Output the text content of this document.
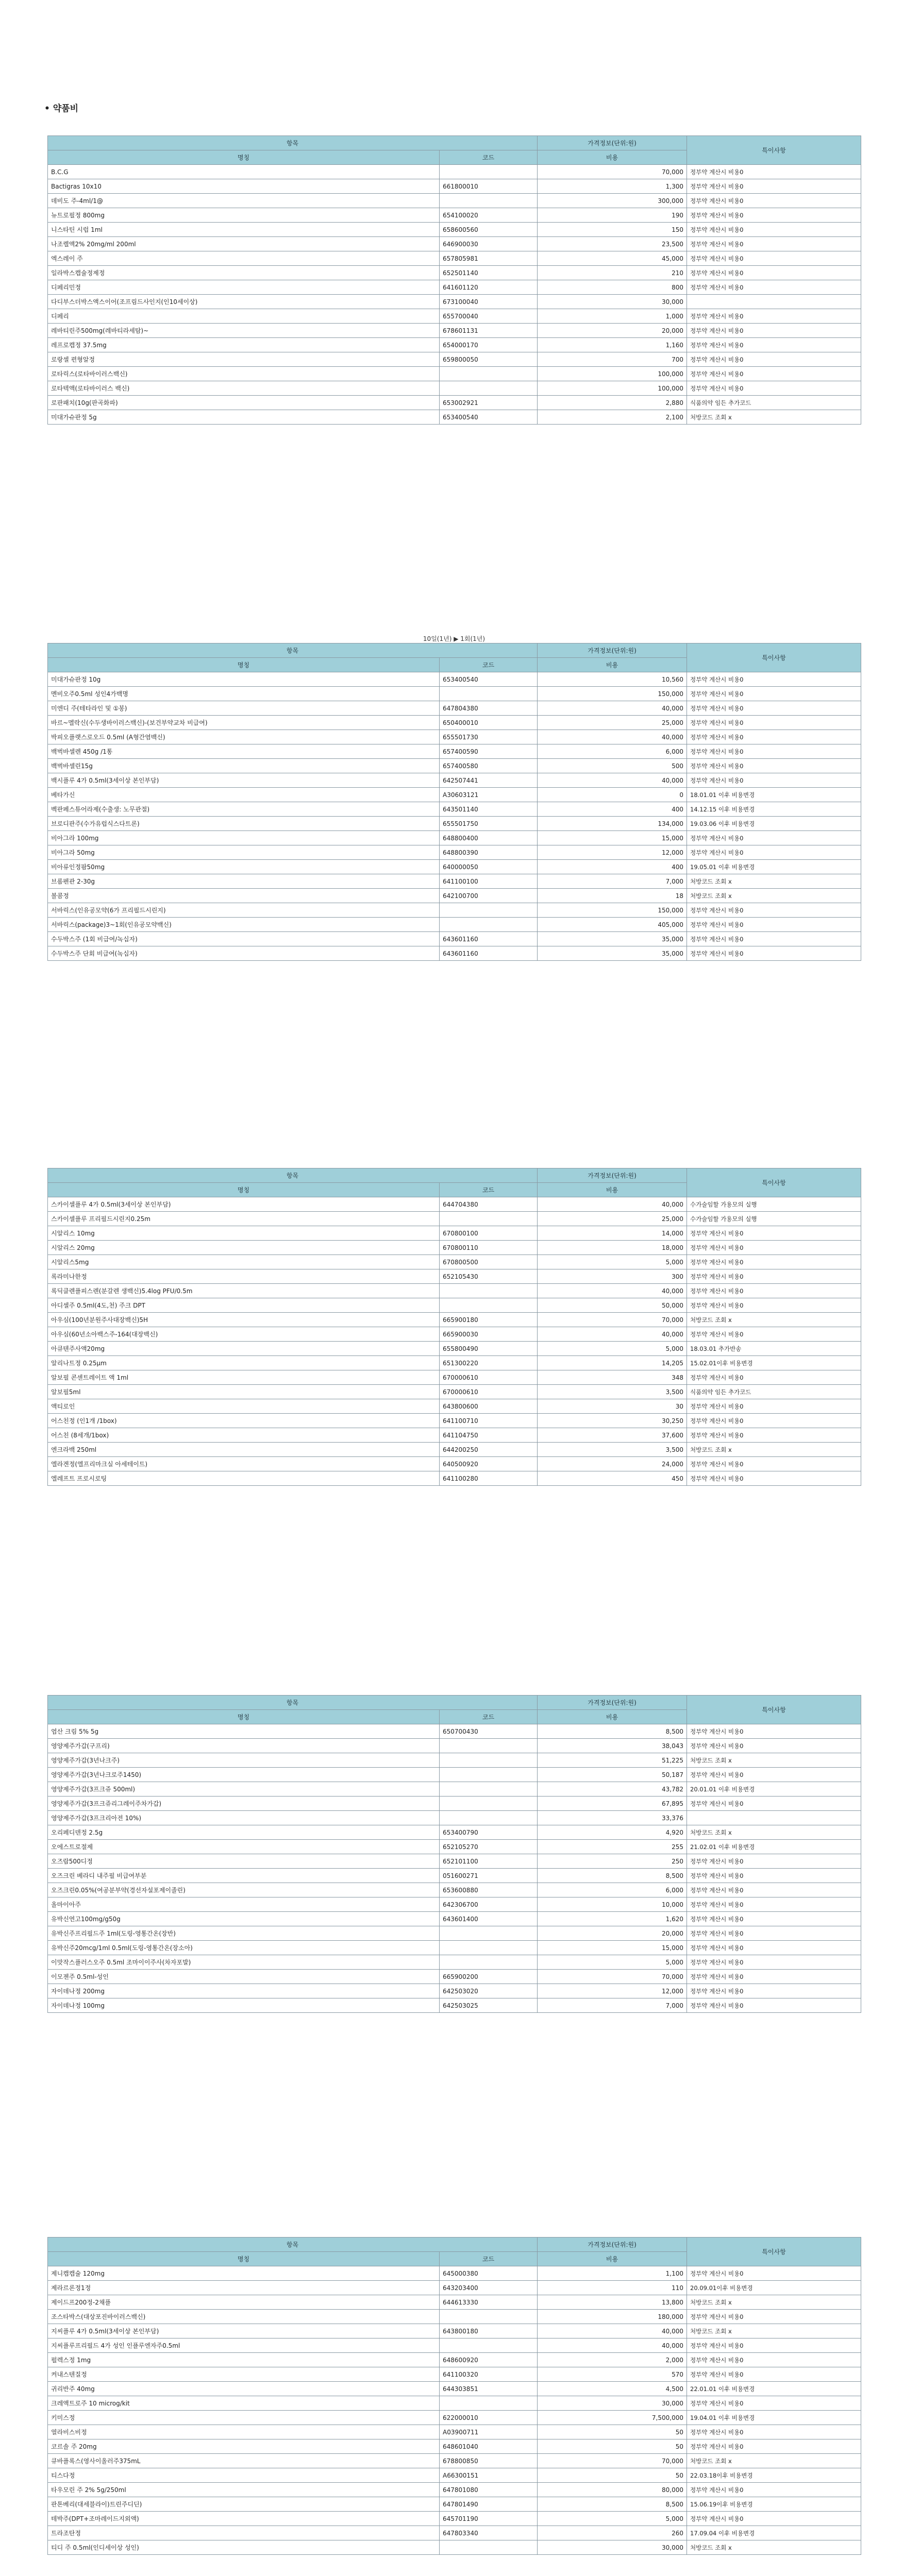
• 약품비
항목		가격정보(단위:원)	특이사항
명칭	코드	비용	
B.C.G		70,000	정부약 계산시 비용0
Bactigras 10x10	661800010	1,300	정부약 계산시 비용0
데비도 주-4ml/1@		300,000	정부약 계산시 비용0
뉴트로필정 800mg	654100020	190	정부약 계산시 비용0
니스타틴 시럽 1ml	658600560	150	정부약 계산시 비용0
나조렐액2% 20mg/ml 200ml	646900030	23,500	정부약 계산시 비용0
엑스레이 주	657805981	45,000	정부약 계산시 비용0
일라박스캡슐정제정	652501140	210	정부약 계산시 비용0
디페리민정	641601120	800	정부약 계산시 비용0
다디부스더박스액스이어(조프림드사인지(인10세이상)	673100040	30,000	
디페리	655700040	1,000	정부약 계산시 비용0
레바티린주500mg(레바티라세탐)~	678601131	20,000	정부약 계산시 비용0
레프로캡정 37.5mg	654000170	1,160	정부약 계산시 비용0
로랑셀 편형알정	659800050	700	정부약 계산시 비용0
로타릭스(로타바이러스백신)		100,000	정부약 계산시 비용0
로타텍액(로타바이러스 백신)		100,000	정부약 계산시 비용0
로판패치(10g(판곡화파)	653002921	2,880	식품의약 임든 추가코드
미대가슈판정 5g	653400540	2,100	처방코드 조회 x
항목		가격정보(단위:원)	특이사항
명칭	코드	비용	
미대가슈판정 10g	653400540	10,560	정부약 계산시 비용0
멘비오주0.5ml 성인4가백명		150,000	정부약 계산시 비용0
미엔디 주(테타라인 및 ①봉)	647804380	40,000	정부약 계산시 비용0
바르~멜락신(수두생바이러스백신)-(보건부약교차 비급여)	650400010	25,000	정부약 계산시 비용0
박피오플랫스로오드 0.5ml (A형간염백신)	655501730	40,000	정부약 계산시 비용0
백벅바셀렌 450g /1통	657400590	6,000	정부약 계산시 비용0
백벅바셀린15g	657400580	500	정부약 계산시 비용0
백시플루 4가 0.5ml(3세이상 본인부담)	642507441	40,000	정부약 계산시 비용0
베타가신	A30603121	0	18.01.01 이후 비용변경
벡판페스튜어라제(수출생: 노무관절)	643501140	400	14.12.15 이후 비용변경
브로디판주(수가유럽식스다트론)	655501750	134,000	19.03.06 이후 비용변경
비아그라 100mg	648800400	15,000	정부약 계산시 비용0
비아그라 50mg	648800390	12,000	정부약 계산시 비용0
비아류인정팜50mg	640000050	400	19.05.01 이후 비용변경
브롬펜관 2-30g	641100100	7,000	처방코드 조회 x
볼콤정	642100700	18	처방코드 조회 x
서바릭스(인유공모약(6가 프리필드시린지)		150,000	정부약 계산시 비용0
서바릭스(package)3~1회(인유공모약백신)		405,000	정부약 계산시 비용0
수두박스주 (1회 비급여/녹십자)	643601160	35,000	정부약 계산시 비용0
수두박스주 단회 비급여(녹십자)	643601160	35,000	정부약 계산시 비용0
항목		가격정보(단위:원)	특이사항
명칭	코드	비용	
스카이셀플루 4가 0.5ml(3세이상 본인부담)	644704380	40,000	수가술임할 가용모의 실행
스카이셀플루 프리필드시린지0.25m		25,000	수가술임할 가용모의 실행
시알리스 10mg	670800100	14,000	정부약 계산시 비용0
시알리스 20mg	670800110	18,000	정부약 계산시 비용0
시알리스5mg	670800500	5,000	정부약 계산시 비용0
록라미나한정	652105430	300	정부약 계산시 비용0
록딕클렌플피스렌(분갈렌 생백신)5.4log PFU/0.5m		40,000	정부약 계산시 비용0
아디셀주 0.5ml(4도,천) 주크 DPT		50,000	정부약 계산시 비용0
아우심(100년분원주사대장백신)5H	665900180	70,000	처방코드 조회 x
아우심(60년소아백스주-164(대장백신)	665900030	40,000	정부약 계산시 비용0
아큐텐주사액20mg	655800490	5,000	18.03.01 추가반송
알리나트정 0.25μm	651300220	14,205	15.02.01이후 비용변경
알보필 콘센트레이트 액 1ml	670000610	348	정부약 계산시 비용0
알보필5ml	670000610	3,500	식품의약 임든 추가코드
액티로인	643800600	30	정부약 계산시 비용0
어스친정 (인1개 /1box)	641100710	30,250	정부약 계산시 비용0
어스친 (8세개/1box)	641104750	37,600	정부약 계산시 비용0
엔크라백 250ml	644200250	3,500	처방코드 조회 x
엘라겐정(엘프리마크실 아세테이트)	640500920	24,000	정부약 계산시 비용0
엘레프트 프로시로팅	641100280	450	정부약 계산시 비용0
항목		가격정보(단위:원)	특이사항
명칭	코드	비용	
엽산 크림 5% 5g	650700430	8,500	정부약 계산시 비용0
영양제주가갑(구프리)		38,043	정부약 계산시 비용0
영양제주가갑(3년나크주)		51,225	처방코드 조회 x
영양제주가갑(3년나크로주1450)		50,187	정부약 계산시 비용0
영양제주가갑(3프크쥬 500ml)		43,782	20.01.01 이후 비용변경
영양제주가갑(3프크쥬리그레이주차가갑)		67,895	정부약 계산시 비용0
영양제주가갑(3프크리아전 10%)		33,376	
오리페디덴정 2.5g	653400790	4,920	처방코드 조회 x
오에스트로절제	652105270	255	21.02.01 이후 비용변경
오즈랍500디정	652101100	250	정부약 계산시 비용0
오즈크린 베라디 내주필 비급여부분	051600271	8,500	정부약 계산시 비용0
오즈크린0.05%(여공분부약(경선자설포제이졸린)	653600880	6,000	정부약 계산시 비용0
올마이아주	642306700	10,000	정부약 계산시 비용0
유박신연고100mg/g50g	643601400	1,620	정부약 계산시 비용0
유박신주프리필드주 1ml(도링-영통간온(장반)		20,000	정부약 계산시 비용0
유박신주20mcg/1ml 0.5ml(도링-영통간온(장소아)		15,000	정부약 계산시 비용0
이맛작스플러스오주 0.5ml 조마이이주사(차자포발)		5,000	정부약 계산시 비용0
이모젠주 0.5ml-성인	665900200	70,000	정부약 계산시 비용0
자이데나정 200mg	642503020	12,000	정부약 계산시 비용0
자이데나정 100mg	642503025	7,000	정부약 계산시 비용0
항목		가격정보(단위:원)	특이사항
명칭	코드	비용	
제니캡캡슐 120mg	645000380	1,100	정부약 계산시 비용0
제라르론정1정	643203400	110	20.09.01이후 비용변경
제이드프200정-2채플	644613330	13,800	처방코드 조회 x
조스타박스(대상포진바이러스백신)		180,000	정부약 계산시 비용0
지씨플루 4가 0.5ml(3세이상 본인부담)	643800180	40,000	처방코드 조회 x
지씨플루프리필드 4가 성인 인플루엔자주0.5ml		40,000	정부약 계산시 비용0
펄렉스정 1mg	648600920	2,000	정부약 계산시 비용0
켜내스텐질정	641100320	570	정부약 계산시 비용0
귀리반주 40mg	644303851	4,500	22.01.01 이후 비용변경
크레액트로주 10 microg/kit		30,000	정부약 계산시 비용0
키미스정	622000010	7,500,000	19.04.01 이후 비용변경
열라비스비정	A03900711	50	정부약 계산시 비용0
코르솔 주 20mg	648601040	50	정부약 계산시 비용0
큐바플록스(영사이올러주375mL	678800850	70,000	처방코드 조회 x
티스다정	A66300151	50	22.03.18이후 비용변경
타우모린 주 2% 5g/250ml	647801080	80,000	정부약 계산시 비용0
판톤베리(대세블라이)트린주디딘)	647801490	8,500	15.06.19이후 비용변경
테박주(DPT+조마레이드지외액)	645701190	5,000	정부약 계산시 비용0
트라조탄정	647803340	260	17.09.04 이후 비용변경
티디 주 0.5ml(인디세이상 성인)		30,000	처방코드 조회 x

10일(1년) ▶ 1회(1년)
